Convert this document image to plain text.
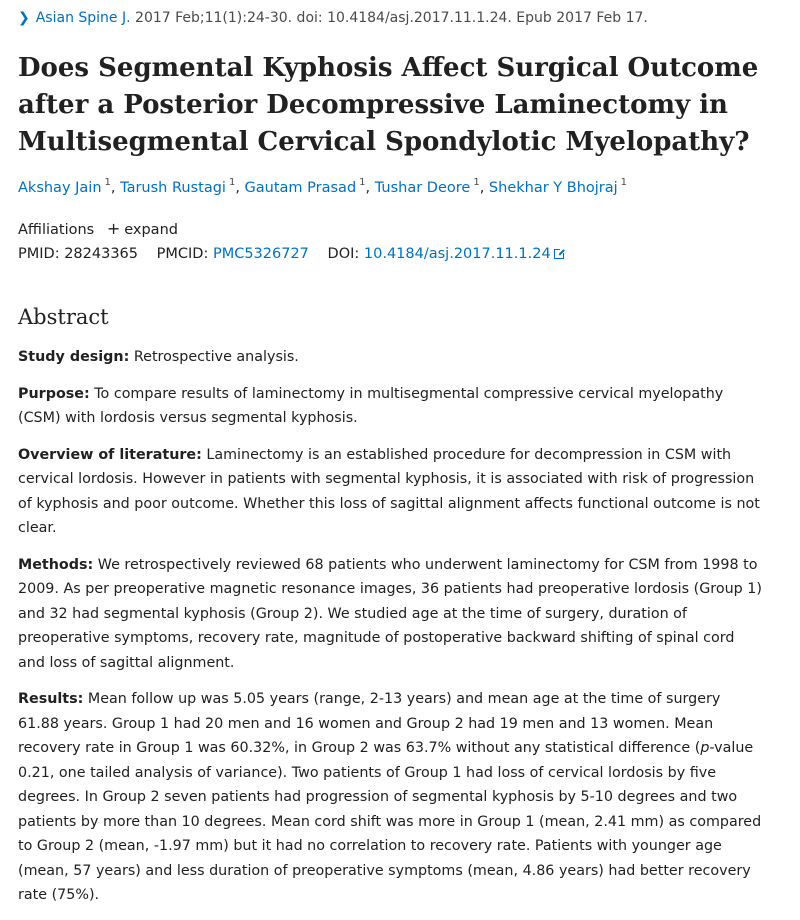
❯ Asian Spine J. 2017 Feb;11(1):24-30. doi: 10.4184/asj.2017.11.1.24. Epub 2017 Feb 17.
Does Segmental Kyphosis Affect Surgical Outcome after a Posterior Decompressive Laminectomy in Multisegmental Cervical Spondylotic Myelopathy?
Akshay Jain $^1$, Tarush Rustagi $^1$, Gautam Prasad $^1$, Tushar Deore $^1$, Shekhar Y Bhojraj $^1$
Affiliations + expand
PMID: 28243365 PMCID: PMC5326727 DOI: 10.4184/asj.2017.11.1.24
Abstract

Study design: Retrospective analysis.

Purpose: To compare results of laminectomy in multisegmental compressive cervical myelopathy (CSM) with lordosis versus segmental kyphosis.

Overview of literature: Laminectomy is an established procedure for decompression in CSM with cervical lordosis. However in patients with segmental kyphosis, it is associated with risk of progression of kyphosis and poor outcome. Whether this loss of sagittal alignment affects functional outcome is not clear.

Methods: We retrospectively reviewed 68 patients who underwent laminectomy for CSM from 1998 to 2009. As per preoperative magnetic resonance images, 36 patients had preoperative lordosis (Group 1) and 32 had segmental kyphosis (Group 2). We studied age at the time of surgery, duration of preoperative symptoms, recovery rate, magnitude of postoperative backward shifting of spinal cord and loss of sagittal alignment.

Results: Mean follow up was 5.05 years (range, 2-13 years) and mean age at the time of surgery 61.88 years. Group 1 had 20 men and 16 women and Group 2 had 19 men and 13 women. Mean recovery rate in Group 1 was 60.32%, in Group 2 was 63.7% without any statistical difference (p-value 0.21, one tailed analysis of variance). Two patients of Group 1 had loss of cervical lordosis by five degrees. In Group 2 seven patients had progression of segmental kyphosis by 5-10 degrees and two patients by more than 10 degrees. Mean cord shift was more in Group 1 (mean, 2.41 mm) as compared to Group 2 (mean, -1.97 mm) but it had no correlation to recovery rate. Patients with younger age (mean, 57 years) and less duration of preoperative symptoms (mean, 4.86 years) had better recovery rate (75%).
